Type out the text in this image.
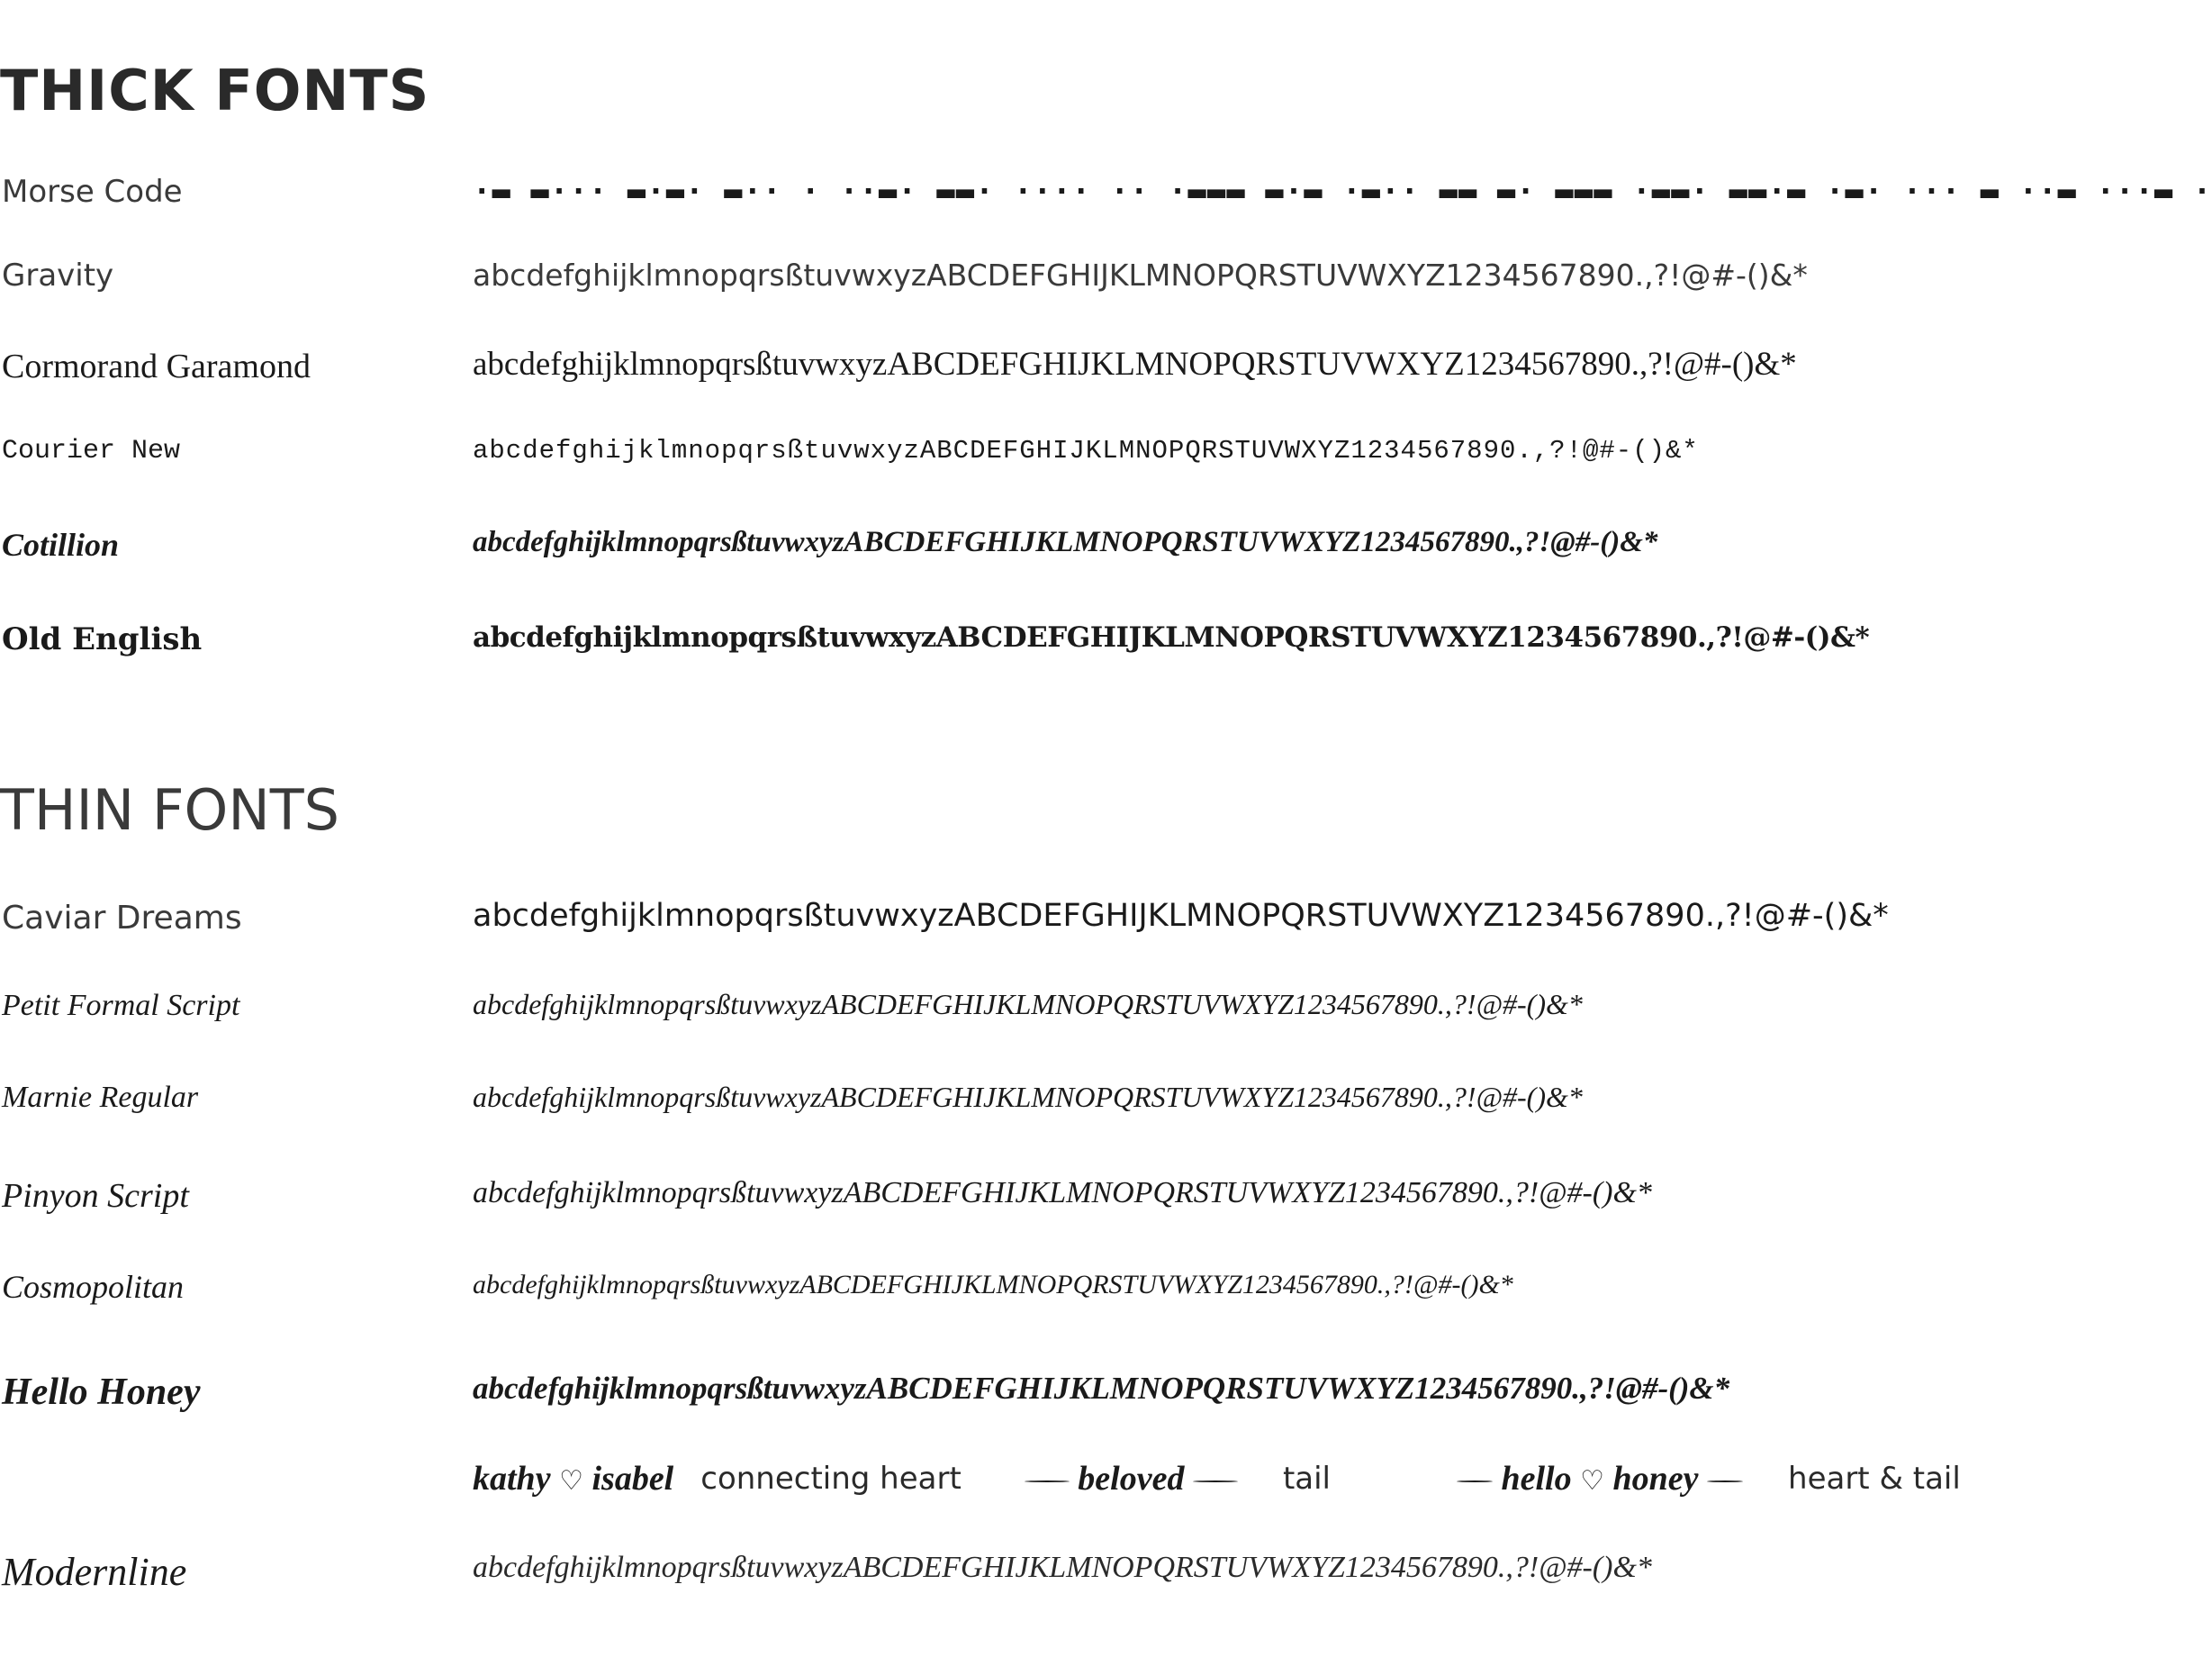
THICK FONTS
Morse Code	·▬ ▬··· ▬·▬· ▬·· · ··▬· ▬▬· ···· ·· ·▬▬▬ ▬·▬ ·▬·· ▬▬ ▬· ▬▬▬ ·▬▬· ▬▬·▬ ·▬· ··· ▬ ··▬ ···▬ ·
Gravity	abcdefghijklmnopqrsßtuvwxyzABCDEFGHIJKLMNOPQRSTUVWXYZ1234567890.,?!@#-()&*
Cormorand Garamond	abcdefghijklmnopqrsßtuvwxyzABCDEFGHIJKLMNOPQRSTUVWXYZ1234567890.,?!@#-()&*
Courier New	abcdefghijklmnopqrsßtuvwxyzABCDEFGHIJKLMNOPQRSTUVWXYZ1234567890.,?!@#-()&*
Cotillion	abcdefghijklmnopqrsßtuvwxyzABCDEFGHIJKLMNOPQRSTUVWXYZ1234567890.,?!@#-()&*
Old English	abcdefghijklmnopqrsßtuvwxyzABCDEFGHIJKLMNOPQRSTUVWXYZ1234567890.,?!@#-()&*
THIN FONTS
Caviar Dreams	abcdefghijklmnopqrsßtuvwxyzABCDEFGHIJKLMNOPQRSTUVWXYZ1234567890.,?!@#-()&*
Petit Formal Script	abcdefghijklmnopqrsßtuvwxyzABCDEFGHIJKLMNOPQRSTUVWXYZ1234567890.,?!@#-()&*
Marnie Regular	abcdefghijklmnopqrsßtuvwxyzABCDEFGHIJKLMNOPQRSTUVWXYZ1234567890.,?!@#-()&*
Pinyon Script	abcdefghijklmnopqrsßtuvwxyzABCDEFGHIJKLMNOPQRSTUVWXYZ1234567890.,?!@#-()&*
Cosmopolitan	abcdefghijklmnopqrsßtuvwxyzABCDEFGHIJKLMNOPQRSTUVWXYZ1234567890.,?!@#-()&*
Hello Honey	abcdefghijklmnopqrsßtuvwxyzABCDEFGHIJKLMNOPQRSTUVWXYZ1234567890.,?!@#-()&*
kathy ♡ isabel connecting heart	beloved	tail	hello ♡ honey	heart & tail
Modernline	abcdefghijklmnopqrsßtuvwxyzABCDEFGHIJKLMNOPQRSTUVWXYZ1234567890.,?!@#-()&*
